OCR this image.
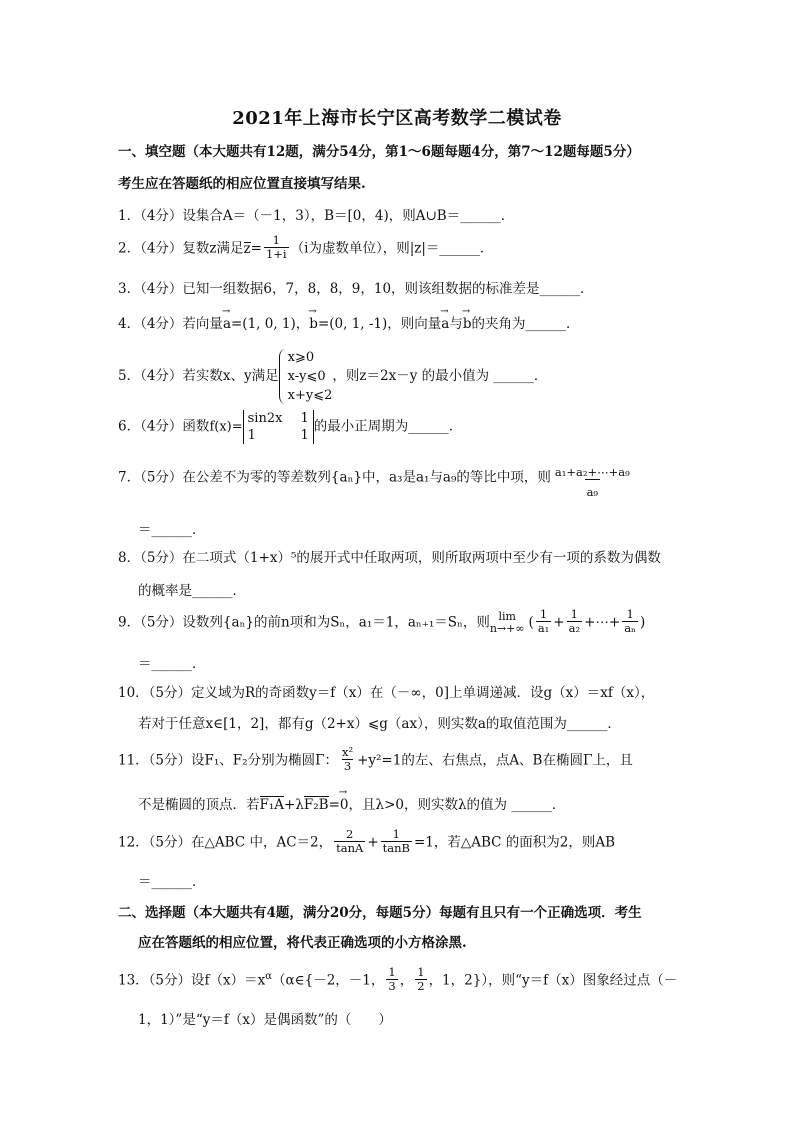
2021年上海市长宁区高考数学二模试卷
一、填空题（本大题共有12题，满分54分，第1～6题每题4分，第7～12题每题5分）
考生应在答题纸的相应位置直接填写结果.
1．（4分）设集合A＝（－1，3），B＝[0，4)，则A∪B＝______．
2．（4分）复数z满足$z= \frac{1}{1+i} (i$为虚数单位），则|z|＝______．
3．（4分）已知一组数据6，7，8，8，9，10，则该组数据的标准差是______．
4．（4分）若向量→ a=(1, 0, 1)，→ b=(0, 1, -1)，则向量→ a与→ b的夹角为______．
5．（4分）若实数x、y满足
x⩾0
x-y⩽0
x+y⩽2
，则z＝2x－y 的最小值为 ______．
6．（4分）函数f(x)=
sin2x 1
1	1
的最小正周期为______．
7．（5分）在公差不为零的等差数列{aₙ}中，a₃是a₁与a₉的等比中项，则 $\frac{\text{a₁+a₂+⋯+a₉}}{\text{a₉}}$
＝______．
8．（5分）在二项式（1+x）⁵的展开式中任取两项，则所取两项中至少有一项的系数为偶数
的概率是______．
9．（5分）设数列{aₙ}的前n项和为Sₙ，a₁＝1，aₙ₊₁＝Sₙ，则 lim
n→+∞ ( $\frac{1}{\text{a₁}} + \frac{1}{\text{a₂}}$ +⋯+ $\frac{1}{\text{aₙ}}$ )
＝______．
10．（5分）定义域为R的奇函数y＝f（x）在（－∞，0]上单调递减．设g（x）＝xf（x），
若对于任意x∈[1，2]，都有g（2+x）⩽g（ax），则实数a的取值范围为______．
11．（5分）设F₁、F₂分别为椭圆Γ： $\frac{\text{x²}}{3} +y^2=1$的左、右焦点，点A、B在椭圆Γ上，且
不是椭圆的顶点．若F₁A+λF₂B=→ 0，且λ>0，则实数λ的值为 ______．
12．（5分）在△ABC 中，AC＝2， $\frac{2}{\tan A} + \frac{1}{\tan B} =1$，若△ABC 的面积为2，则AB
＝______．
二、选择题（本大题共有4题，满分20分，每题5分）每题有且只有一个正确选项．考生
应在答题纸的相应位置，将代表正确选项的小方格涂黑.
13．（5分）设$f(x)=x^\alpha(\alpha\in\{-2$，－1， $\frac{1}{3}$ ， $\frac{1}{2}$ ，1，2}），则“y＝f（x）图象经过点（－
1，1）”是“y＝f（x）是偶函数”的（　　）
